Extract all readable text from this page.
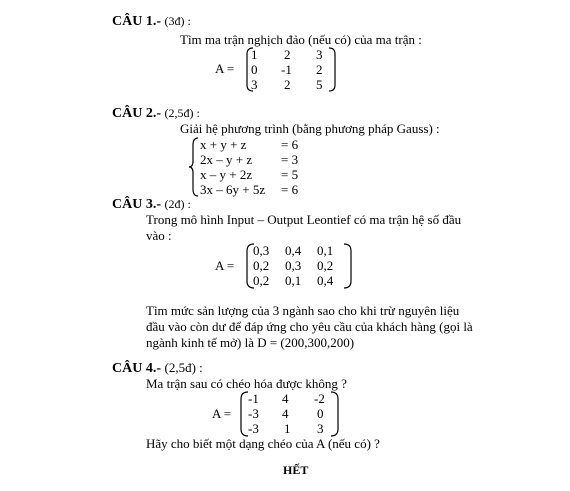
CÂU 1.- (3đ) :
Tìm ma trận nghịch đảo (nếu có) của ma trận :
A =
1 2 3
0 -1 2
3 2 5
CÂU 2.- (2,5đ) :
Giải hệ phương trình (bằng phương pháp Gauss) :
x + y + z	= 6
2x – y + z = 3
x – y + 2z = 5
3x – 6y + 5z = 6
CÂU 3.- (2đ) :
Trong mô hình Input – Output Leontief có ma trận hệ số đầu
vào :
A =
0,3 0,4 0,1
0,2 0,3 0,2
0,2 0,1 0,4
Tìm mức sản lượng của 3 ngành sao cho khi trừ nguyên liệu
đầu vào còn dư để đáp ứng cho yêu cầu của khách hàng (gọi là
ngành kinh tế mở) là D = (200,300,200)
CÂU 4.- (2,5đ) :
Ma trận sau có chéo hóa được không ?
A =
-1 4 -2
-3 4 0
-3 1 3
Hãy cho biết một dạng chéo của A (nếu có) ?
HẾT
